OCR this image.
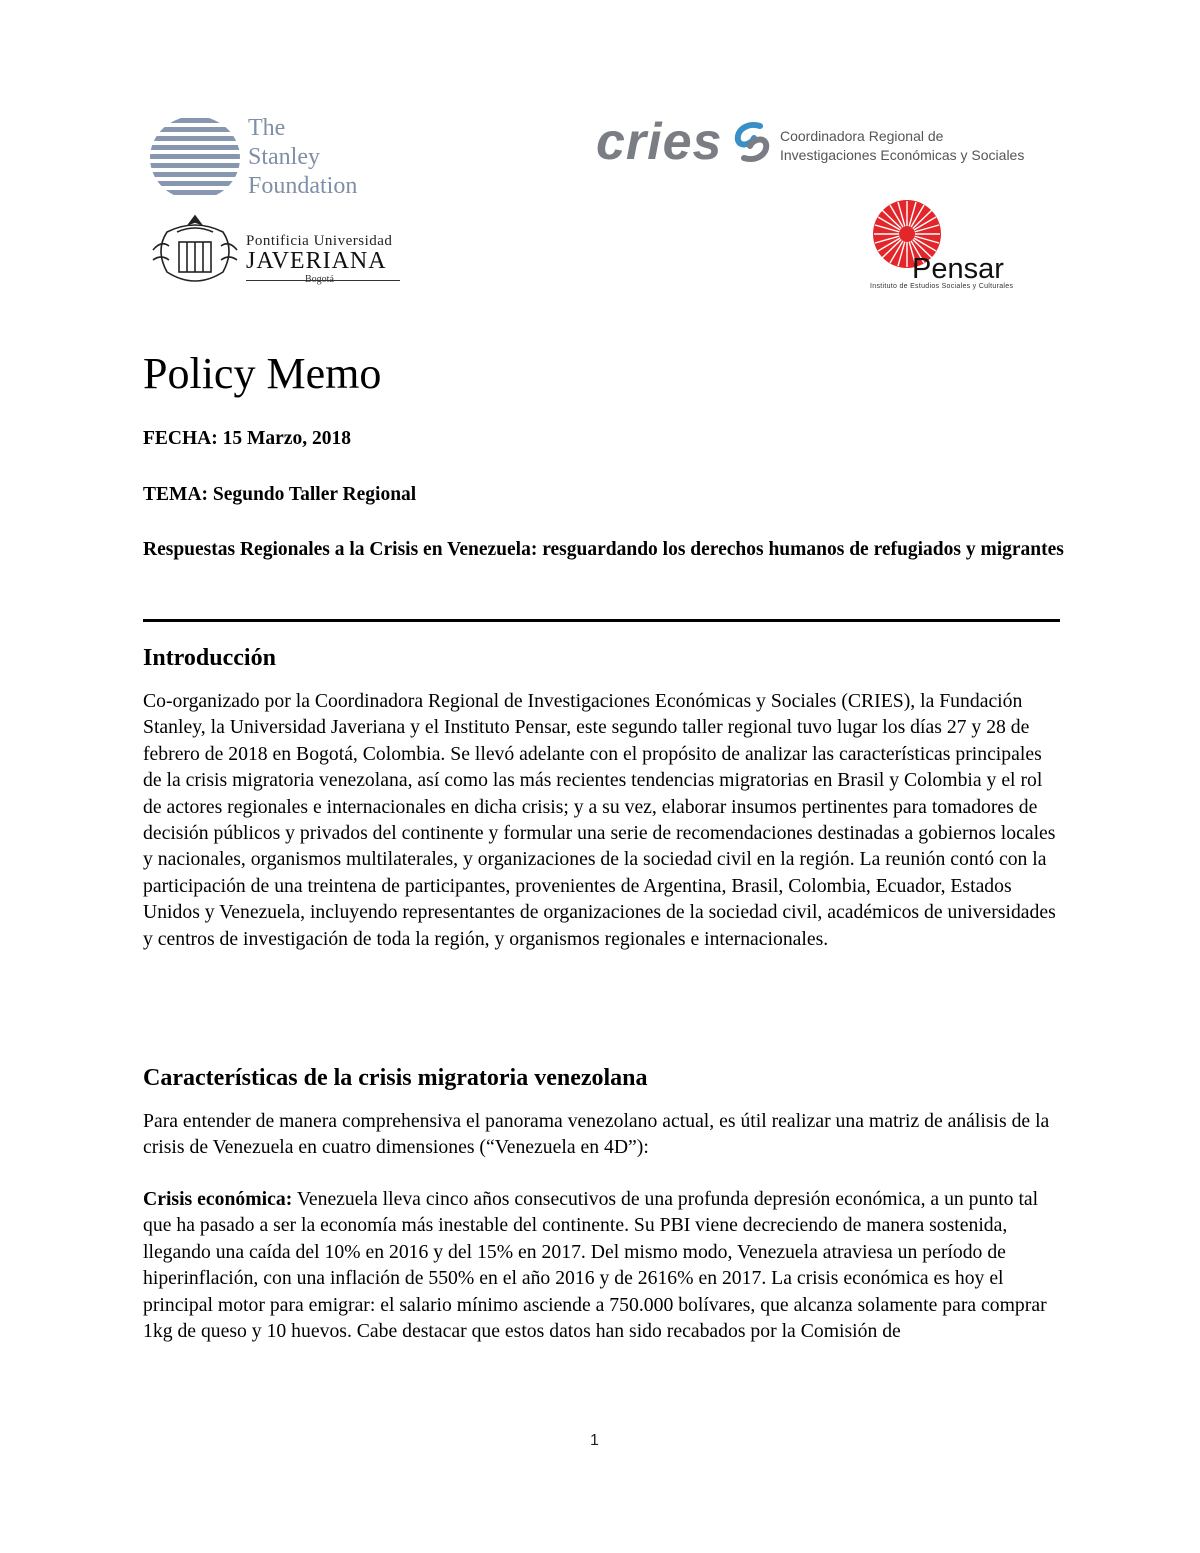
The
Stanley
Foundation
cries	Coordinadora Regional de
Investigaciones Económicas y Sociales
Pontificia Universidad
JAVERIANA
Bogotá	Pensar
Instituto de Estudios Sociales y Culturales
Policy Memo
FECHA: 15 Marzo, 2018
TEMA: Segundo Taller Regional
Respuestas Regionales a la Crisis en Venezuela: resguardando los derechos humanos de refugiados y migrantes
Introducción

Co-organizado por la Coordinadora Regional de Investigaciones Económicas y Sociales (CRIES), la Fundación Stanley, la Universidad Javeriana y el Instituto Pensar, este segundo taller regional tuvo lugar los días 27 y 28 de febrero de 2018 en Bogotá, Colombia. Se llevó adelante con el propósito de analizar las características principales de la crisis migratoria venezolana, así como las más recientes tendencias migratorias en Brasil y Colombia y el rol de actores regionales e internacionales en dicha crisis; y a su vez, elaborar insumos pertinentes para tomadores de decisión públicos y privados del continente y formular una serie de recomendaciones destinadas a gobiernos locales y nacionales, organismos multilaterales, y organizaciones de la sociedad civil en la región. La reunión contó con la participación de una treintena de participantes, provenientes de Argentina, Brasil, Colombia, Ecuador, Estados Unidos y Venezuela, incluyendo representantes de organizaciones de la sociedad civil, académicos de universidades y centros de investigación de toda la región, y organismos regionales e internacionales.

Características de la crisis migratoria venezolana

Para entender de manera comprehensiva el panorama venezolano actual, es útil realizar una matriz de análisis de la crisis de Venezuela en cuatro dimensiones (“Venezuela en 4D”):

Crisis económica: Venezuela lleva cinco años consecutivos de una profunda depresión económica, a un punto tal que ha pasado a ser la economía más inestable del continente. Su PBI viene decreciendo de manera sostenida, llegando una caída del 10% en 2016 y del 15% en 2017. Del mismo modo, Venezuela atraviesa un período de hiperinflación, con una inflación de 550% en el año 2016 y de 2616% en 2017. La crisis económica es hoy el principal motor para emigrar: el salario mínimo asciende a 750.000 bolívares, que alcanza solamente para comprar 1kg de queso y 10 huevos. Cabe destacar que estos datos han sido recabados por la Comisión de

1
